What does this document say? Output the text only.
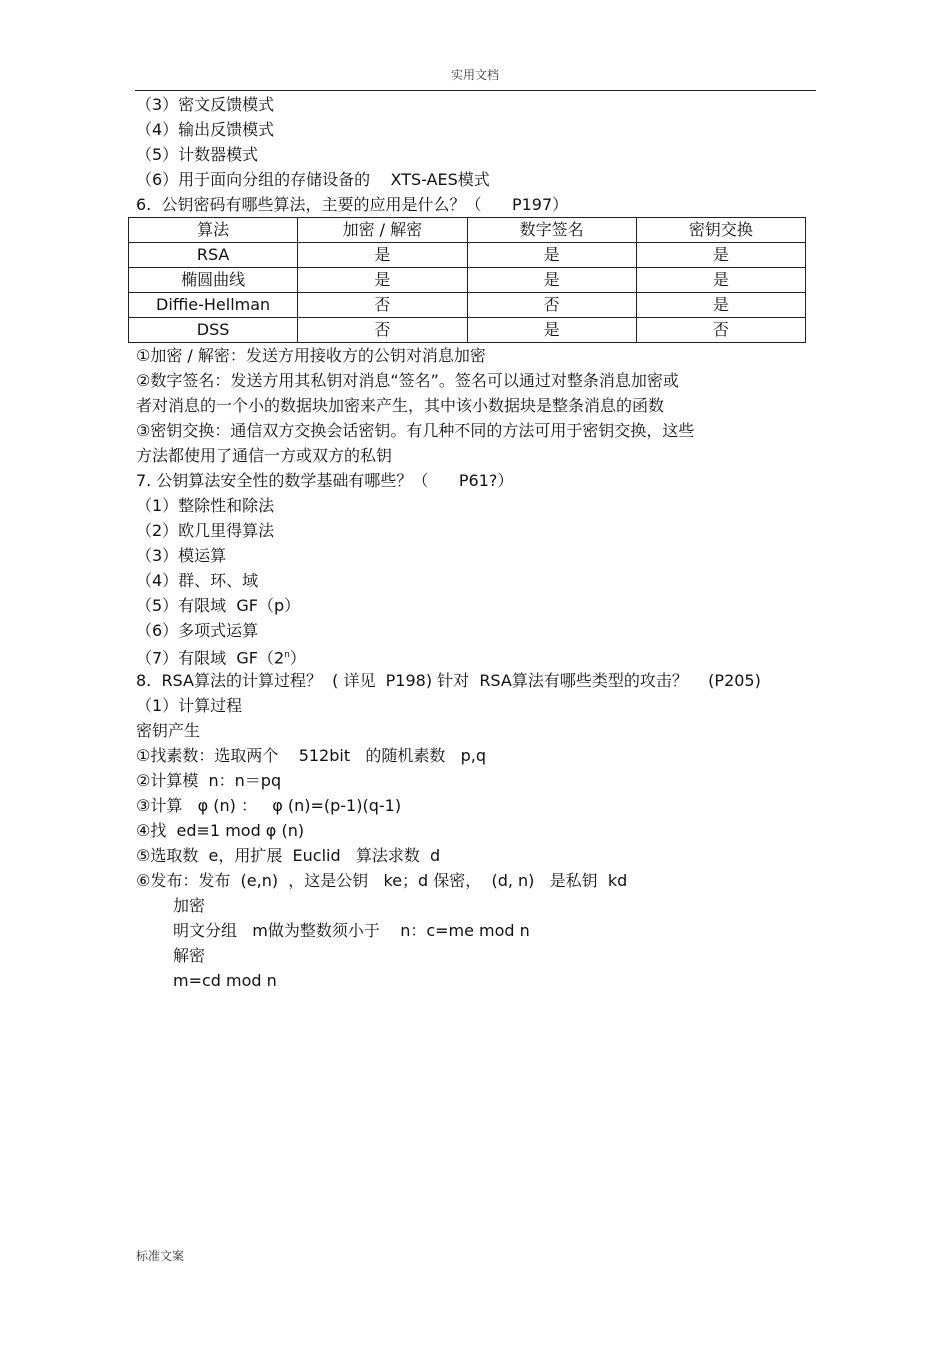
实用文档
（3）密文反馈模式
（4）输出反馈模式
（5）计数器模式
（6）用于面向分组的存储设备的    XTS-AES模式
6.  公钥密码有哪些算法，主要的应用是什么？（      P197）
算法	加密 / 解密	数字签名	密钥交换
RSA	是	是	是
椭圆曲线	是	是	是
Diffie-Hellman	否	否	是
DSS	否	是	否
①加密 / 解密：发送方用接收方的公钥对消息加密
②数字签名：发送方用其私钥对消息“签名”。签名可以通过对整条消息加密或
者对消息的一个小的数据块加密来产生，其中该小数据块是整条消息的函数
③密钥交换：通信双方交换会话密钥。有几种不同的方法可用于密钥交换，这些
方法都使用了通信一方或双方的私钥
7. 公钥算法安全性的数学基础有哪些？（      P61?）
（1）整除性和除法
（2）欧几里得算法
（3）模运算
（4）群、环、域
（5）有限域  GF（p）
（6）多项式运算
（7）有限域  GF（2$^n$）
8.  RSA算法的计算过程？  ( 详见  P198) 针对  RSA算法有哪些类型的攻击？    (P205)
（1）计算过程
密钥产生
①找素数：选取两个    512bit   的随机素数   p,q
②计算模  n：n＝pq
③计算   φ (n) ：   φ (n)=(p-1)(q-1)
④找  ed≡1 mod φ (n)
⑤选取数  e，用扩展  Euclid   算法求数  d
⑥发布：发布  (e,n)  ，这是公钥   ke；d 保密，  (d, n)   是私钥  kd
加密
明文分组   m做为整数须小于    n：c=me mod n
解密
m=cd mod n
标准文案
